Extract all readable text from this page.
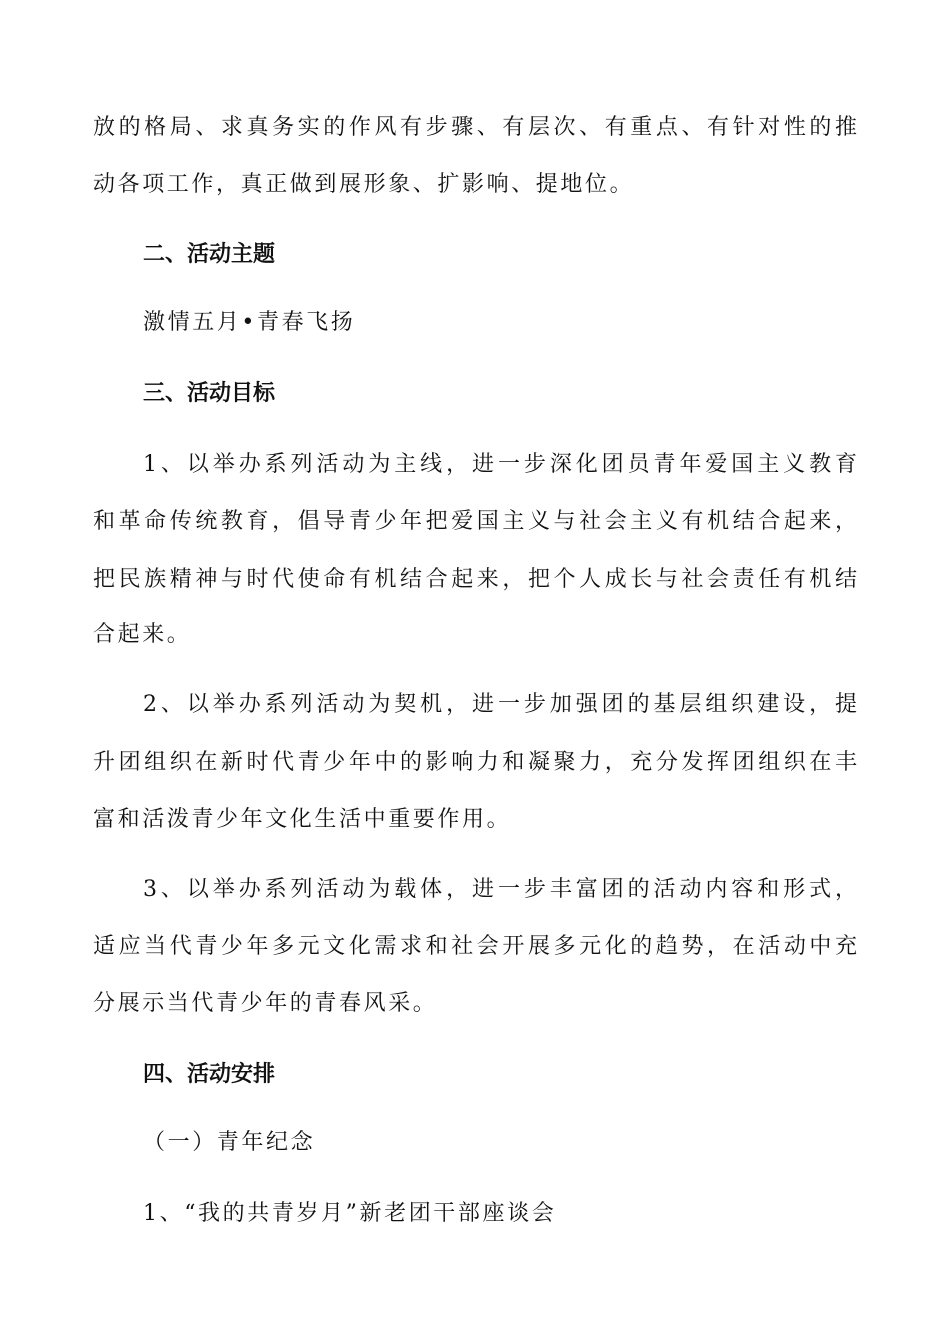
放的格局、求真务实的作风有步骤、有层次、有重点、有针对性的推
动各项工作，真正做到展形象、扩影响、提地位。
二、活动主题
激情五月•青春飞扬
三、活动目标
1、以举办系列活动为主线，进一步深化团员青年爱国主义教育
和革命传统教育，倡导青少年把爱国主义与社会主义有机结合起来，
把民族精神与时代使命有机结合起来，把个人成长与社会责任有机结
合起来。
2、以举办系列活动为契机，进一步加强团的基层组织建设，提
升团组织在新时代青少年中的影响力和凝聚力，充分发挥团组织在丰
富和活泼青少年文化生活中重要作用。
3、以举办系列活动为载体，进一步丰富团的活动内容和形式，
适应当代青少年多元文化需求和社会开展多元化的趋势，在活动中充
分展示当代青少年的青春风采。
四、活动安排
（一）青年纪念
1、“我的共青岁月”新老团干部座谈会
